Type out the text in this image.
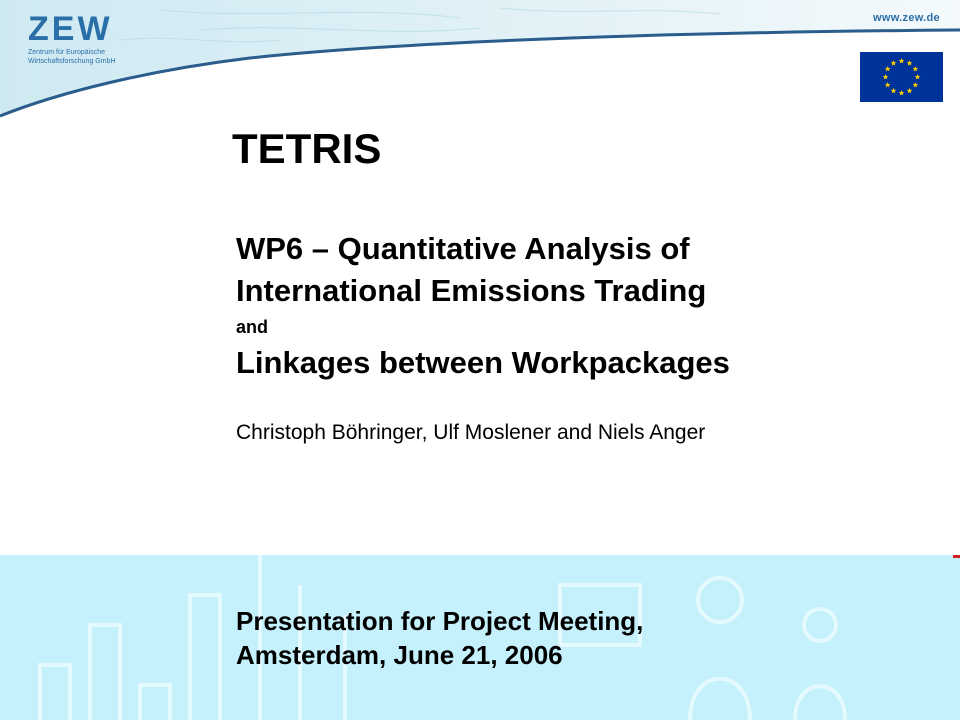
ZEW
Zentrum für Europäische
Wirtschaftsforschung GmbH
www.zew.de
TETRIS
WP6 – Quantitative Analysis of
International Emissions Trading
and
Linkages between Workpackages
Christoph Böhringer, Ulf Moslener and Niels Anger
Presentation for Project Meeting,
Amsterdam, June 21, 2006
